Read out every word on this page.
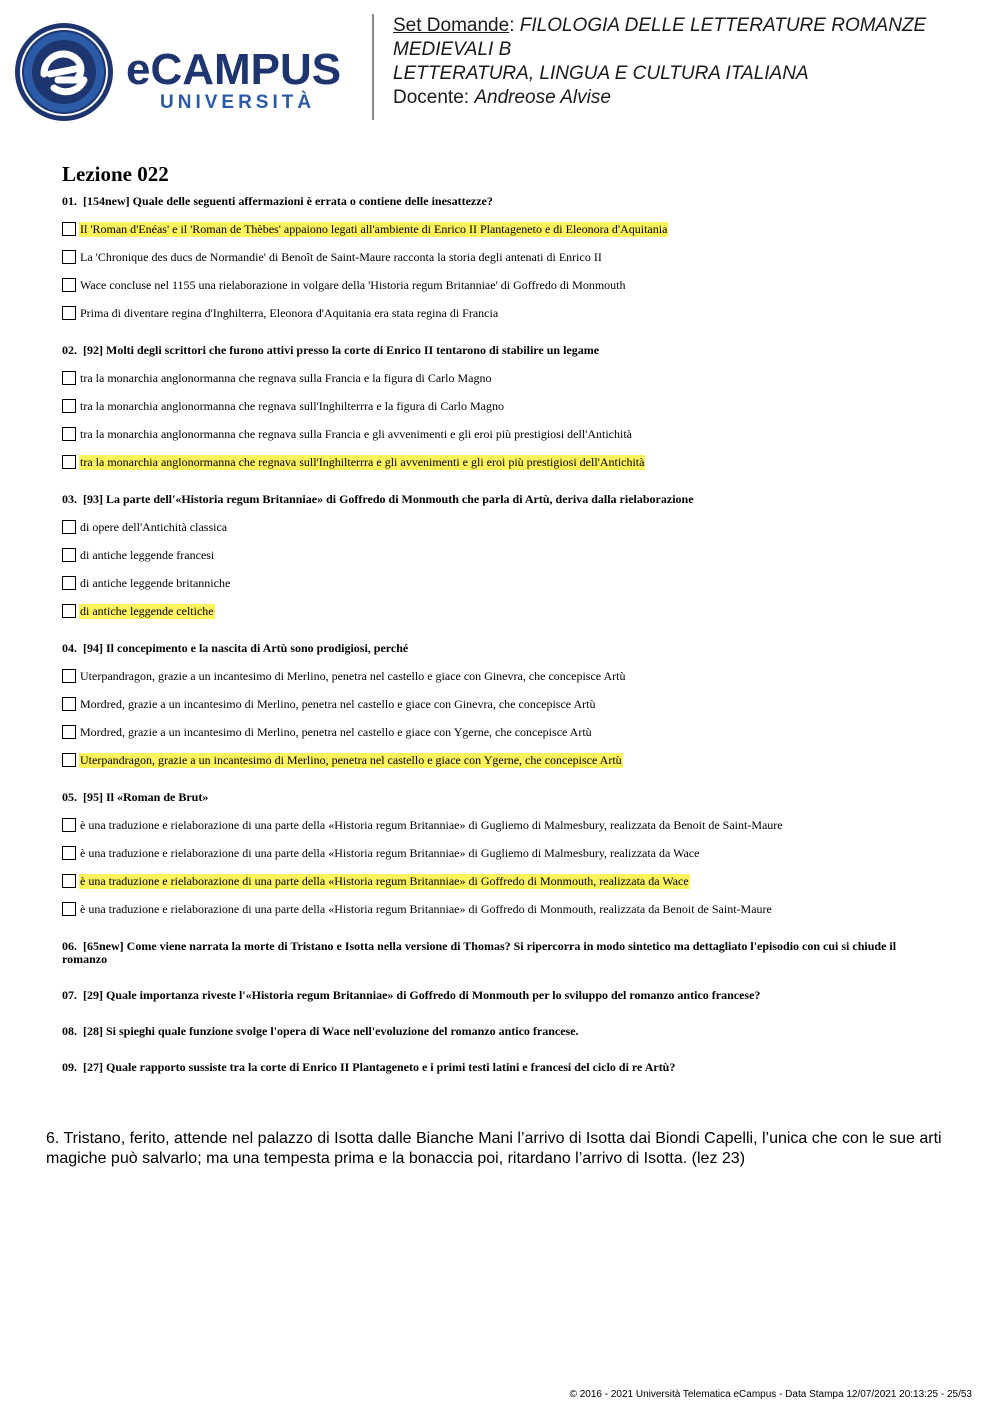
eCAMPUS
UNIVERSITÀ
Set Domande: FILOLOGIA DELLE LETTERATURE ROMANZE
MEDIEVALI B
LETTERATURA, LINGUA E CULTURA ITALIANA
Docente: Andreose Alvise
Lezione 022
01. [154new] Quale delle seguenti affermazioni è errata o contiene delle inesattezze?
Il 'Roman d'Enéas' e il 'Roman de Thèbes' appaiono legati all'ambiente di Enrico II Plantageneto e di Eleonora d'Aquitania
La 'Chronique des ducs de Normandie' di Benoît de Saint-Maure racconta la storia degli antenati di Enrico II
Wace concluse nel 1155 una rielaborazione in volgare della 'Historia regum Britanniae' di Goffredo di Monmouth
Prima di diventare regina d'Inghilterra, Eleonora d'Aquitania era stata regina di Francia
02. [92] Molti degli scrittori che furono attivi presso la corte di Enrico II tentarono di stabilire un legame
tra la monarchia anglonormanna che regnava sulla Francia e la figura di Carlo Magno
tra la monarchia anglonormanna che regnava sull'Inghilterrra e la figura di Carlo Magno
tra la monarchia anglonormanna che regnava sulla Francia e gli avvenimenti e gli eroi più prestigiosi dell'Antichità
tra la monarchia anglonormanna che regnava sull'Inghilterrra e gli avvenimenti e gli eroi più prestigiosi dell'Antichità
03. [93] La parte dell'«Historia regum Britanniae» di Goffredo di Monmouth che parla di Artù, deriva dalla rielaborazione
di opere dell'Antichità classica
di antiche leggende francesi
di antiche leggende britanniche
di antiche leggende celtiche
04. [94] Il concepimento e la nascita di Artù sono prodigiosi, perché
Uterpandragon, grazie a un incantesimo di Merlino, penetra nel castello e giace con Ginevra, che concepisce Artù
Mordred, grazie a un incantesimo di Merlino, penetra nel castello e giace con Ginevra, che concepisce Artù
Mordred, grazie a un incantesimo di Merlino, penetra nel castello e giace con Ygerne, che concepisce Artù
Uterpandragon, grazie a un incantesimo di Merlino, penetra nel castello e giace con Ygerne, che concepisce Artù
05. [95] Il «Roman de Brut»
è una traduzione e rielaborazione di una parte della «Historia regum Britanniae» di Gugliemo di Malmesbury, realizzata da Benoit de Saint-Maure
è una traduzione e rielaborazione di una parte della «Historia regum Britanniae» di Gugliemo di Malmesbury, realizzata da Wace
è una traduzione e rielaborazione di una parte della «Historia regum Britanniae» di Goffredo di Monmouth, realizzata da Wace
è una traduzione e rielaborazione di una parte della «Historia regum Britanniae» di Goffredo di Monmouth, realizzata da Benoit de Saint-Maure
06. [65new] Come viene narrata la morte di Tristano e Isotta nella versione di Thomas? Si ripercorra in modo sintetico ma dettagliato l'episodio con cui si chiude il romanzo
07. [29] Quale importanza riveste l'«Historia regum Britanniae» di Goffredo di Monmouth per lo sviluppo del romanzo antico francese?
08. [28] Si spieghi quale funzione svolge l'opera di Wace nell'evoluzione del romanzo antico francese.
09. [27] Quale rapporto sussiste tra la corte di Enrico II Plantageneto e i primi testi latini e francesi del ciclo di re Artù?
6. Tristano, ferito, attende nel palazzo di Isotta dalle Bianche Mani l’arrivo di Isotta dai Biondi Capelli, l’unica che con le sue arti magiche può salvarlo; ma una tempesta prima e la bonaccia poi, ritardano l’arrivo di Isotta. (lez 23)
© 2016 - 2021 Università Telematica eCampus - Data Stampa 12/07/2021 20:13:25 - 25/53
